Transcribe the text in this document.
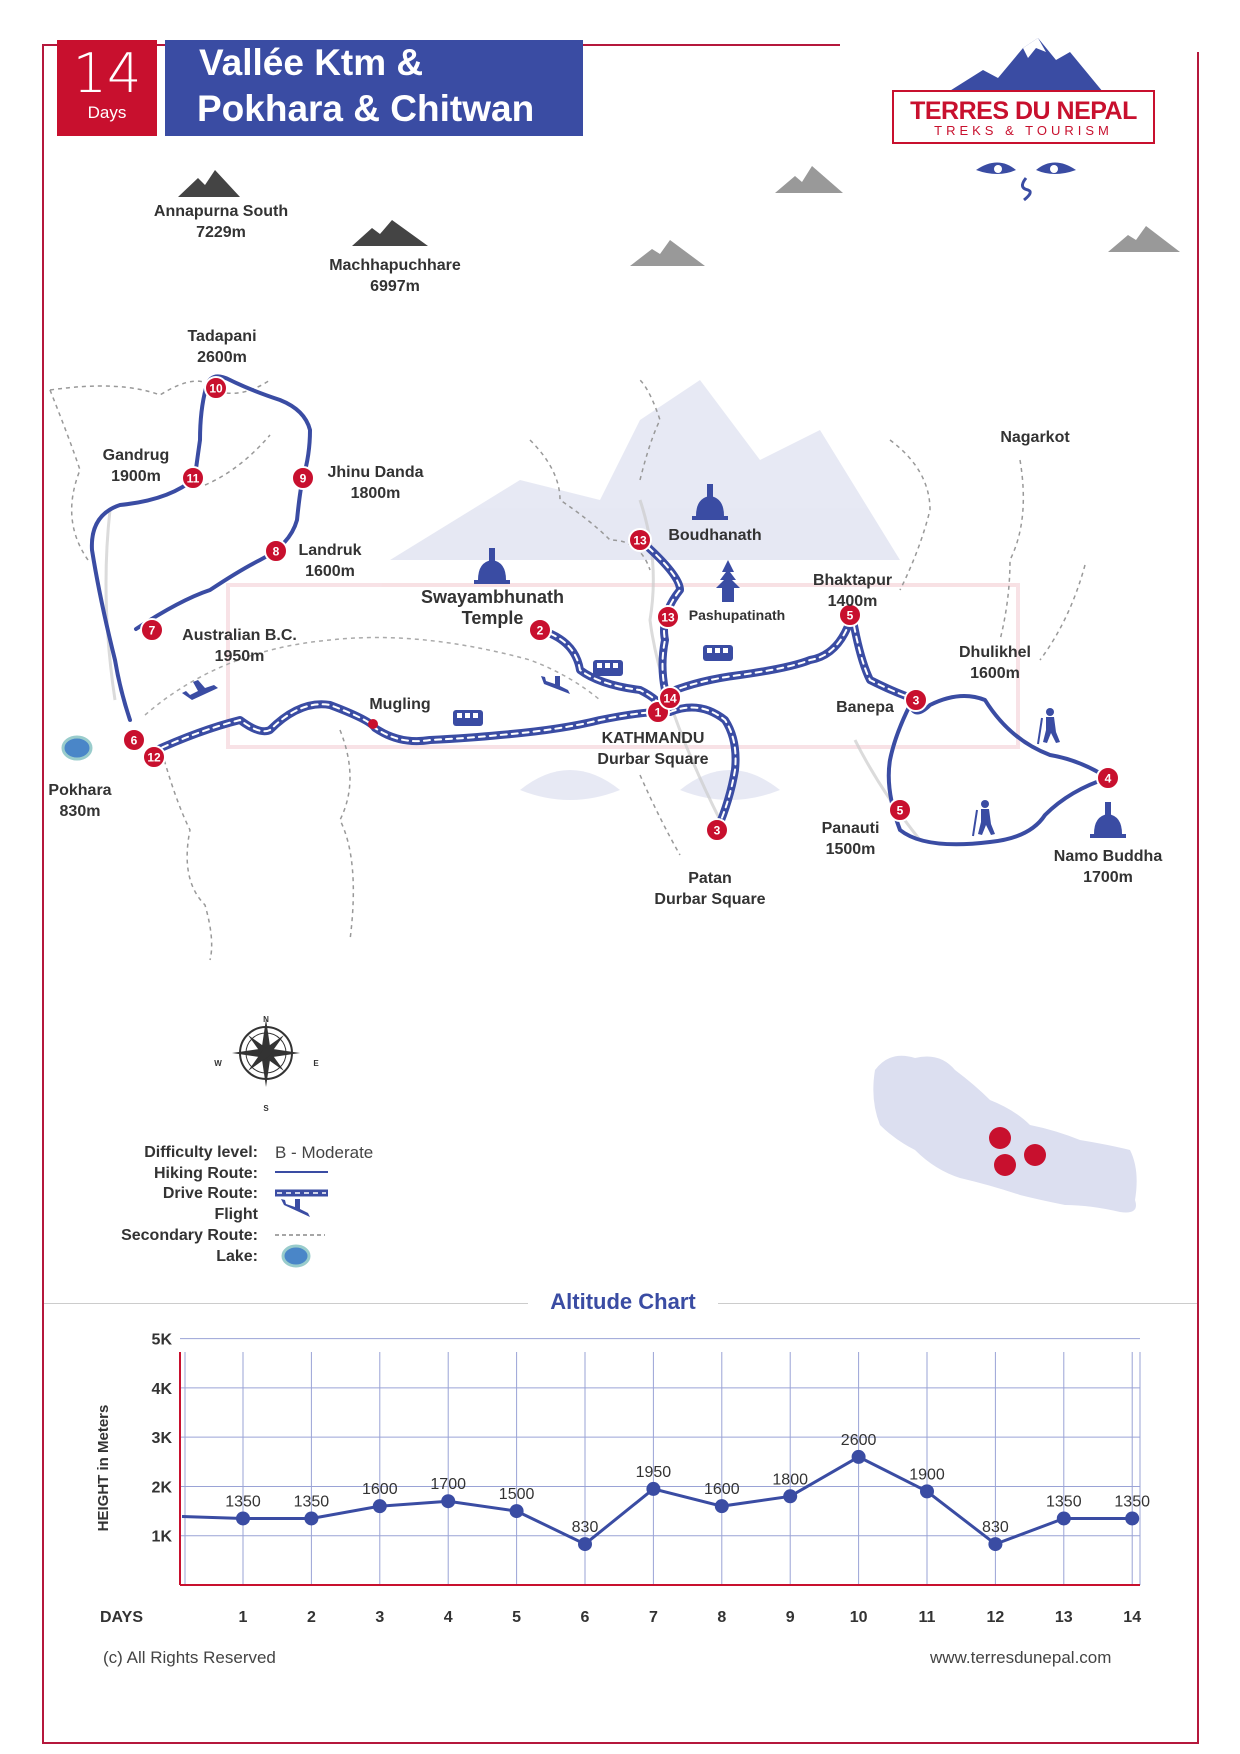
14
Days
Vallée Ktm &
Pokhara & Chitwan	TERRES DU NEPAL
TREKS & TOURISM
1
2
3
3
4
5
5
6
7
8
9
10
11
12
13
13
14
Annapurna South
7229m
Machhapuchhare
6997m
Tadapani
2600m
Gandrug
1900m	Jhinu Danda
1800m
Landruk
1600m
Australian B.C.
1950m
Pokhara
830m
Mugling
Swayambhunath
Temple
Boudhanath
Pashupatinath
KATHMANDU
Durbar Square
Patan
Durbar Square
Bhaktapur
1400m
Nagarkot
Dhulikhel
1600m
Banepa
Panauti
1500m	Namo Buddha
1700m
N
S
E
W
Difficulty level: B - Moderate
Hiking Route:
Drive Route:
Flight
Secondary Route:
Lake:
Altitude Chart
1K
2K
3K
4K
5K
HEIGHT in Meters
DAYS
1350
1
1350
2
1600
3
1700
4
1500
5
830
6
1950
7
1600
8
1800
9
2600
10
1900
11
830
12
1350
13
1350
14
(c) All Rights Reserved	www.terresdunepal.com
